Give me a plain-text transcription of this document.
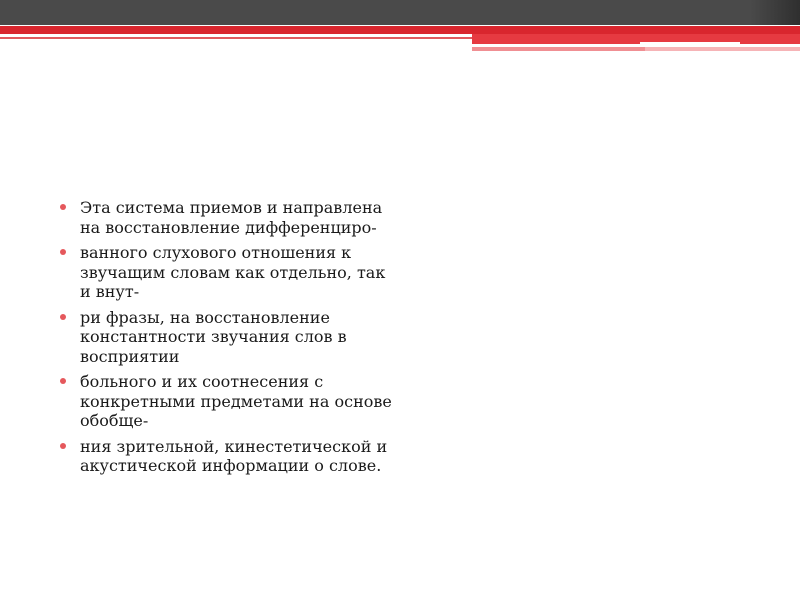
Эта система приемов и направлена на восстановление дифференциро-
ванного слухового отношения к звучащим словам как отдельно, так и внут-
ри фразы, на восстановление константности звучания слов в восприятии
больного и их соотнесения с конкретными предметами на основе обобще-
ния зрительной, кинестетической и акустической информации о слове.
